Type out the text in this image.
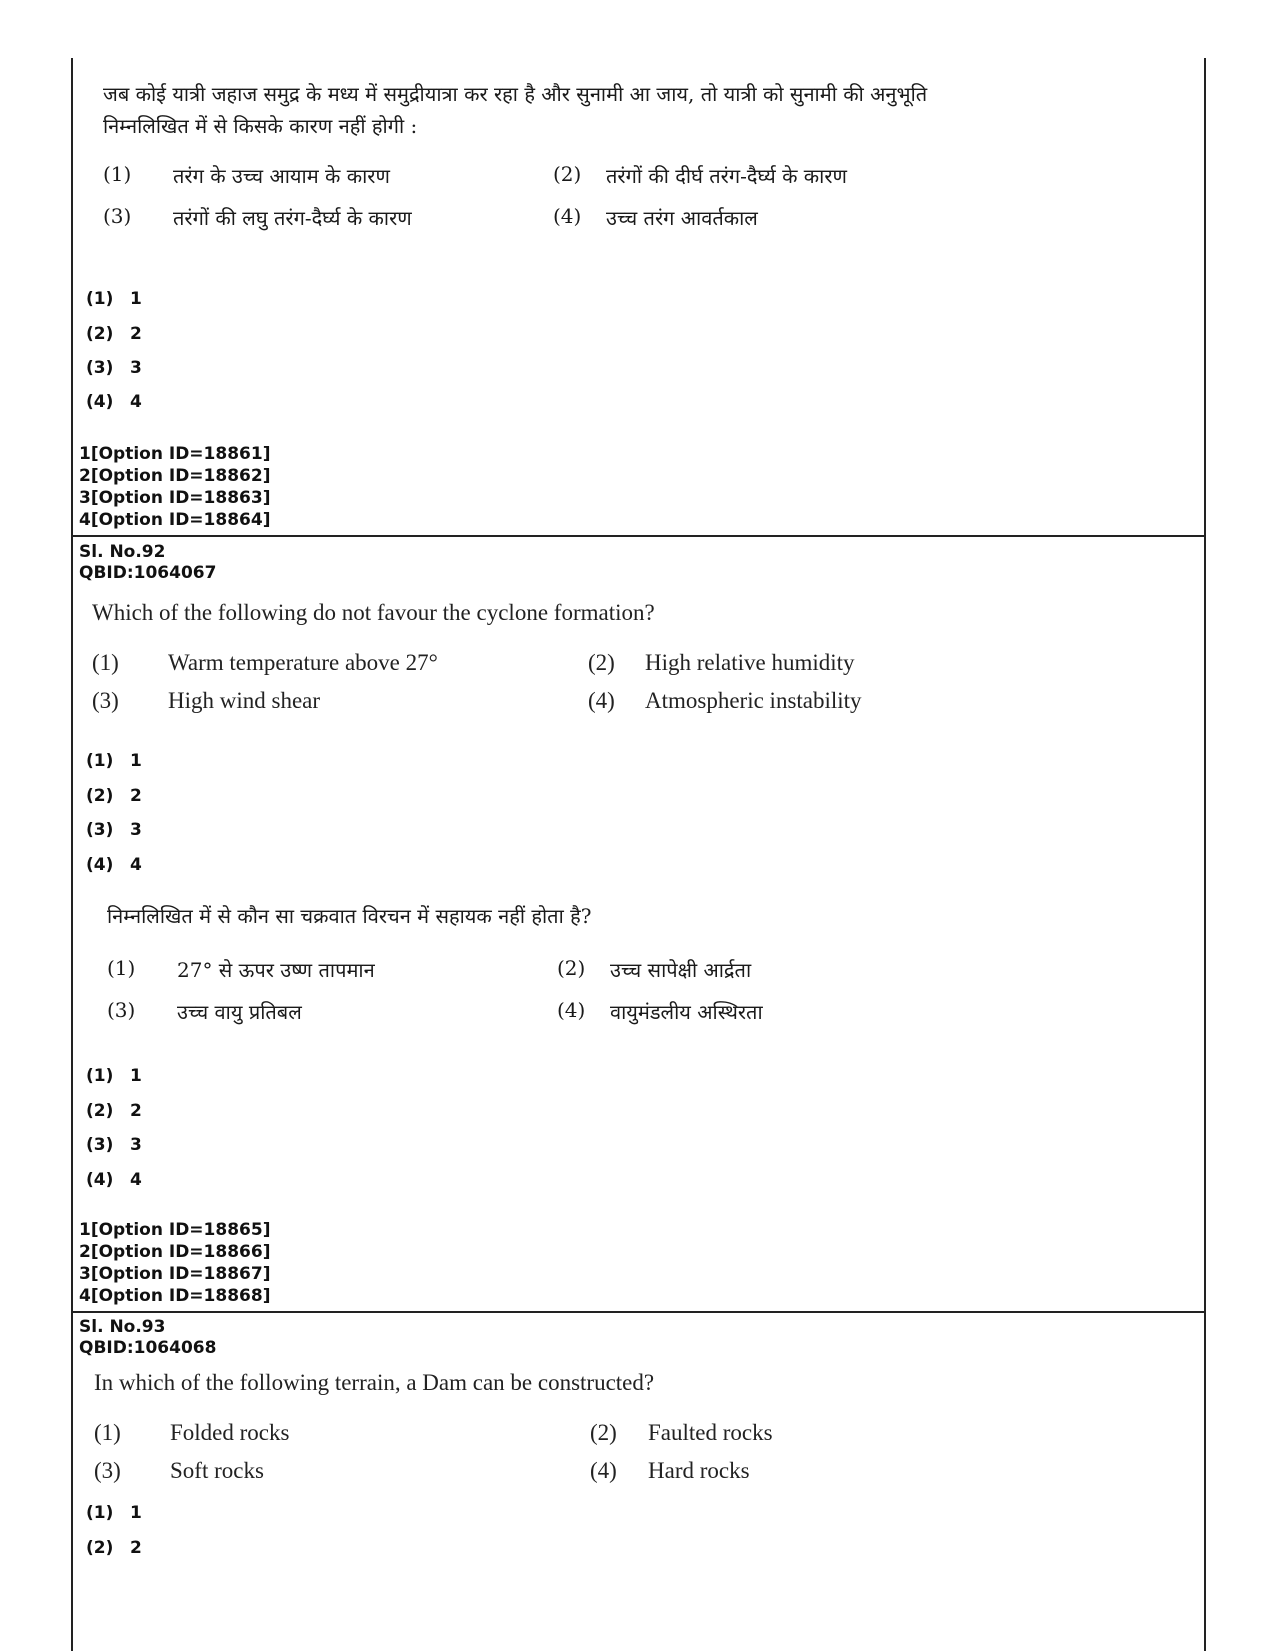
जब कोई यात्री जहाज समुद्र के मध्य में समुद्रीयात्रा कर रहा है और सुनामी आ जाय, तो यात्री को सुनामी की अनुभूति
निम्नलिखित में से किसके कारण नहीं होगी :
(1) तरंग के उच्च आयाम के कारण	(2) तरंगों की दीर्घ तरंग-दैर्घ्य के कारण
(3) तरंगों की लघु तरंग-दैर्घ्य के कारण	(4) उच्च तरंग आवर्तकाल
(1) 1
(2) 2
(3) 3
(4) 4
1[Option ID=18861]
2[Option ID=18862]
3[Option ID=18863]
4[Option ID=18864]
Sl. No.92
QBID:1064067
Which of the following do not favour the cyclone formation?
(1) Warm temperature above 27°	(2) High relative humidity
(3) High wind shear	(4) Atmospheric instability
(1) 1
(2) 2
(3) 3
(4) 4
निम्नलिखित में से कौन सा चक्रवात विरचन में सहायक नहीं होता है?
(1) 27° से ऊपर उष्ण तापमान	(2) उच्च सापेक्षी आर्द्रता
(3) उच्च वायु प्रतिबल	(4) वायुमंडलीय अस्थिरता
(1) 1
(2) 2
(3) 3
(4) 4
1[Option ID=18865]
2[Option ID=18866]
3[Option ID=18867]
4[Option ID=18868]
Sl. No.93
QBID:1064068
In which of the following terrain, a Dam can be constructed?
(1) Folded rocks	(2) Faulted rocks
(3) Soft rocks	(4) Hard rocks
(1) 1
(2) 2
